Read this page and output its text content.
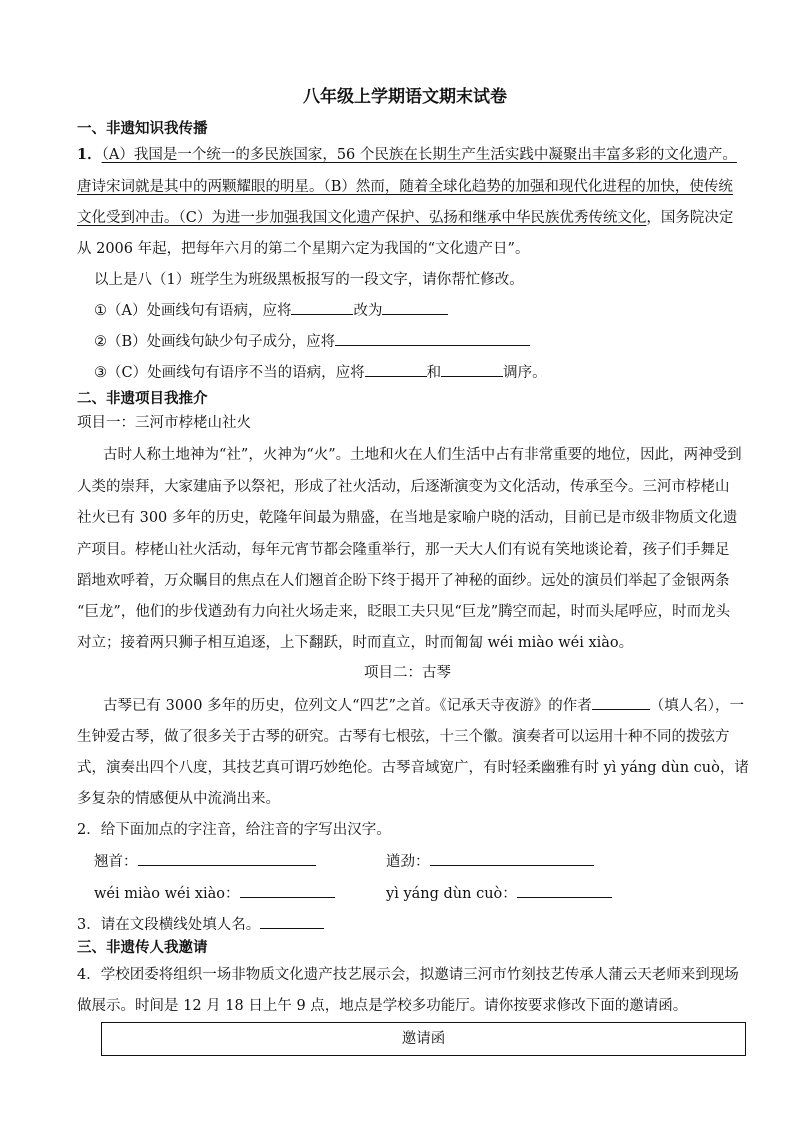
八年级上学期语文期末试卷
一、非遗知识我传播
1．（A）我国是一个统一的多民族国家，56 个民族在长期生产生活实践中凝聚出丰富多彩的文化遗产。
唐诗宋词就是其中的两颗耀眼的明星。（B）然而，随着全球化趋势的加强和现代化进程的加快，使传统
文化受到冲击。（C）为进一步加强我国文化遗产保护、弘扬和继承中华民族优秀传统文化，国务院决定
从 2006 年起，把每年六月的第二个星期六定为我国的“文化遗产日”。
以上是八（1）班学生为班级黑板报写的一段文字，请你帮忙修改。
①（A）处画线句有语病，应将	改为
②（B）处画线句缺少句子成分，应将
③（C）处画线句有语序不当的语病，应将	和	调序。
二、非遗项目我推介
项目一：三河市桲栳山社火
古时人称土地神为“社”，火神为“火”。土地和火在人们生活中占有非常重要的地位，因此，两神受到
人类的崇拜，大家建庙予以祭祀，形成了社火活动，后逐渐演变为文化活动，传承至今。三河市桲栳山
社火已有 300 多年的历史，乾隆年间最为鼎盛，在当地是家喻户晓的活动，目前已是市级非物质文化遗
产项目。桲栳山社火活动，每年元宵节都会隆重举行，那一天大人们有说有笑地谈论着，孩子们手舞足
蹈地欢呼着，万众瞩目的焦点在人们翘首企盼下终于揭开了神秘的面纱。远处的演员们举起了金银两条
“巨龙”，他们的步伐遒劲有力向社火场走来，眨眼工夫只见“巨龙”腾空而起，时而头尾呼应，时而龙头
对立；接着两只狮子相互追逐，上下翻跃，时而直立，时而匍匐 wéi miào wéi xiào。
项目二：古琴
古琴已有 3000 多年的历史，位列文人“四艺”之首。《记承天寺夜游》的作者	（填人名），一
生钟爱古琴，做了很多关于古琴的研究。古琴有七根弦，十三个徽。演奏者可以运用十种不同的拨弦方
式，演奏出四个八度，其技艺真可谓巧妙绝伦。古琴音域宽广，有时轻柔幽雅有时 yì yáng dùn cuò，诸
多复杂的情感便从中流淌出来。
2．给下面加点的字注音，给注音的字写出汉字。
翘首：	遒劲：
wéi miào wéi xiào：	yì yáng dùn cuò：
3．请在文段横线处填人名。
三、非遗传人我邀请
4．学校团委将组织一场非物质文化遗产技艺展示会，拟邀请三河市竹刻技艺传承人蒲云天老师来到现场
做展示。时间是 12 月 18 日上午 9 点，地点是学校多功能厅。请你按要求修改下面的邀请函。
邀请函
